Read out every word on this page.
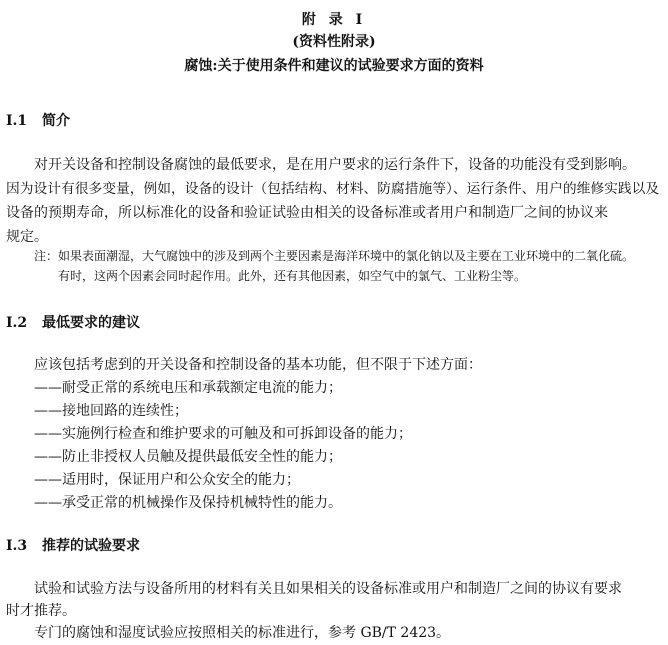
附 录 I
(资料性附录)
腐蚀:关于使用条件和建议的试验要求方面的资料
I.1 简介
对开关设备和控制设备腐蚀的最低要求，是在用户要求的运行条件下，设备的功能没有受到影响。
因为设计有很多变量，例如，设备的设计（包括结构、材料、防腐措施等）、运行条件、用户的维修实践以及
设备的预期寿命，所以标准化的设备和验证试验由相关的设备标准或者用户和制造厂之间的协议来
规定。
注：如果表面潮湿，大气腐蚀中的涉及到两个主要因素是海洋环境中的氯化钠以及主要在工业环境中的二氧化硫。
有时，这两个因素会同时起作用。此外，还有其他因素，如空气中的氯气、工业粉尘等。
I.2 最低要求的建议
应该包括考虑到的开关设备和控制设备的基本功能，但不限于下述方面：
——耐受正常的系统电压和承载额定电流的能力；
——接地回路的连续性；
——实施例行检查和维护要求的可触及和可拆卸设备的能力；
——防止非授权人员触及提供最低安全性的能力；
——适用时，保证用户和公众安全的能力；
——承受正常的机械操作及保持机械特性的能力。
I.3 推荐的试验要求
试验和试验方法与设备所用的材料有关且如果相关的设备标准或用户和制造厂之间的协议有要求
时才推荐。
专门的腐蚀和湿度试验应按照相关的标准进行，参考 GB/T 2423。
